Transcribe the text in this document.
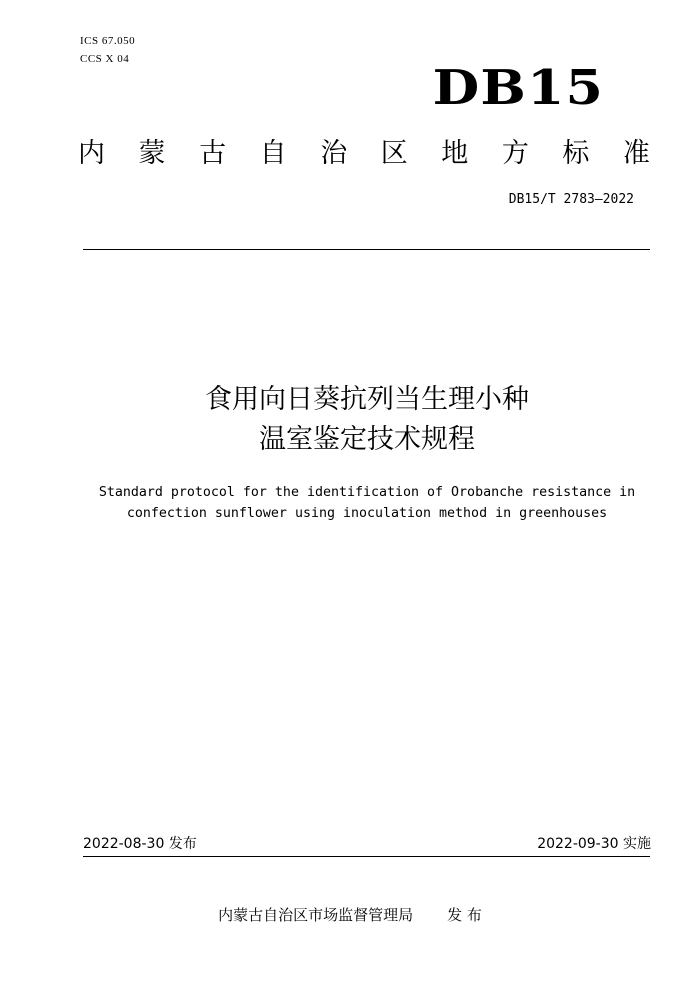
ICS 67.050
CCS X 04
DB15
内 蒙 古 自 治 区 地 方 标 准
DB15/T 2783—2022
食用向日葵抗列当生理小种
温室鉴定技术规程
Standard protocol for the identification of Orobanche resistance in
confection sunflower using inoculation method in greenhouses
2022-08-30 发布	2022-09-30 实施
内蒙古自治区市场监督管理局 发 布
